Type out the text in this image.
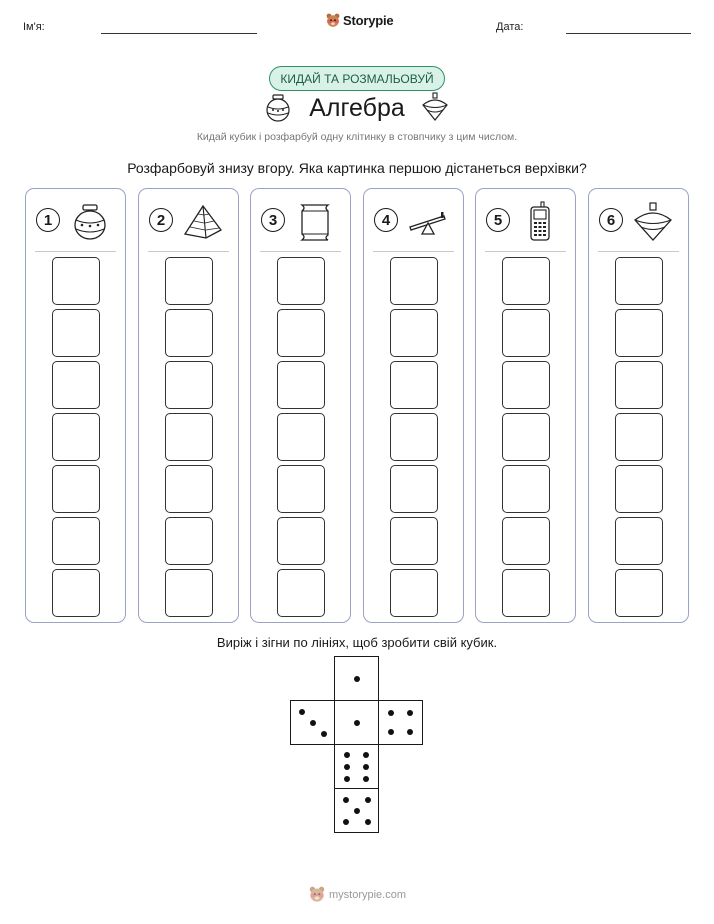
Ім'я:	Storypie	Дата:
КИДАЙ ТА РОЗМАЛЬОВУЙ
Алгебра
Кидай кубик і розфарбуй одну клітинку в стовпчику з цим числом.
Розфарбовуй знизу вгору. Яка картинка першою дістанеться верхівки?
1	2	3	4	5	6
Виріж і зігни по лініях, щоб зробити свій кубик.
mystorypie.com
